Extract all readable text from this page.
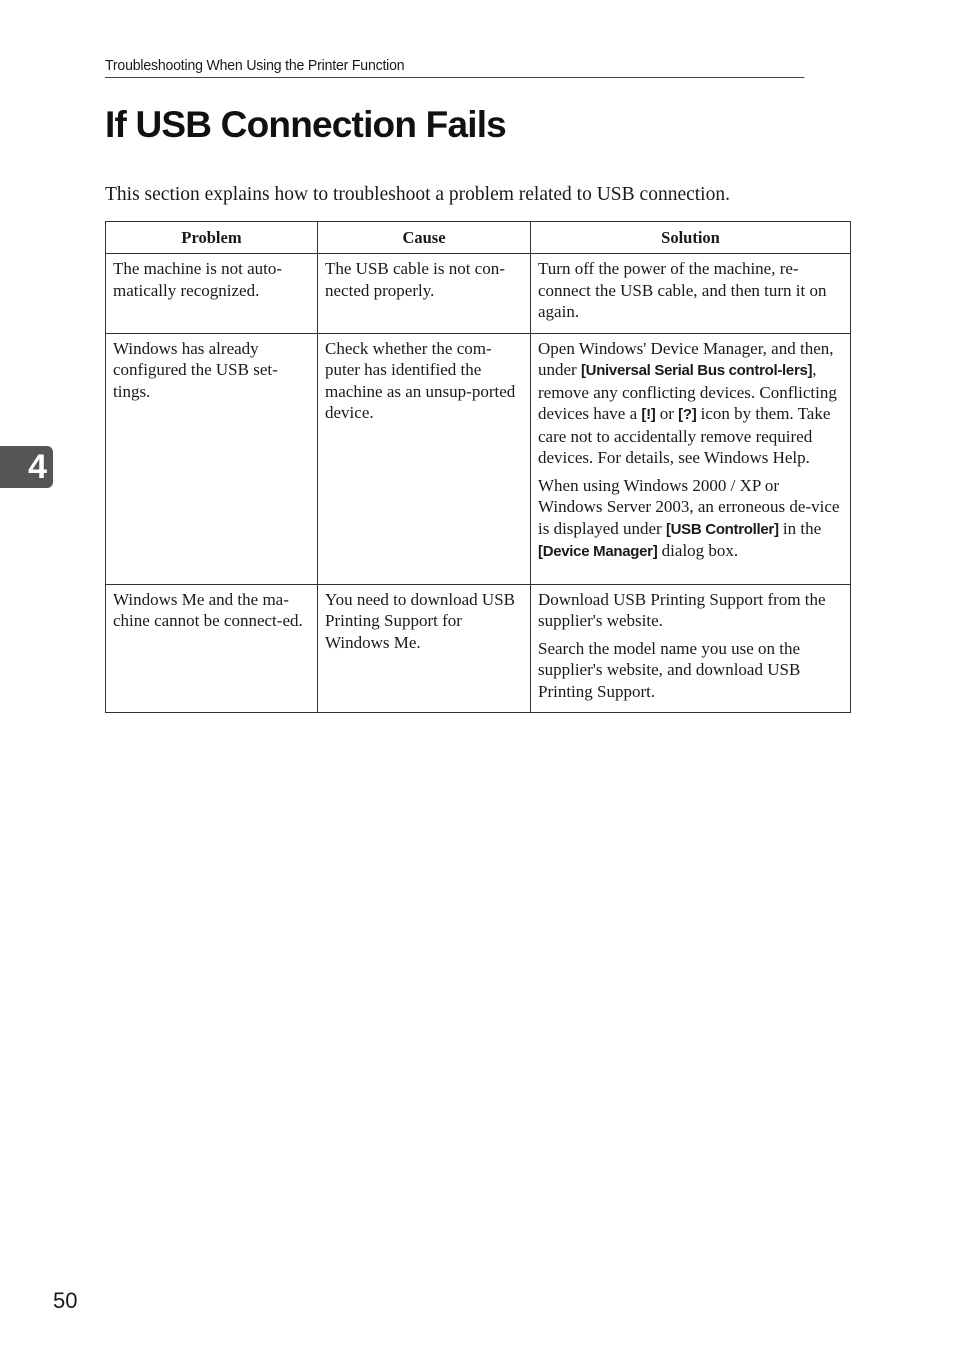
Troubleshooting When Using the Printer Function
If USB Connection Fails

This section explains how to troubleshoot a problem related to USB connection.

Problem	Cause	Solution
The machine is not auto-matically recognized.	The USB cable is not con-nected properly.	Turn off the power of the machine, re-connect the USB cable, and then turn it on again.

Windows has already configured the USB set-tings.	Check whether the com-puter has identified the machine as an unsup-ported device.	Open Windows' Device Manager, and then, under [Universal Serial Bus control-lers], remove any conflicting devices. Conflicting devices have a [!] or [?] icon by them. Take care not to accidentally remove required devices. For details, see Windows Help.

When using Windows 2000 / XP or Windows Server 2003, an erroneous de-vice is displayed under [USB Controller] in the [Device Manager] dialog box.

Windows Me and the ma-chine cannot be connect-ed.	You need to download USB Printing Support for Windows Me.	Download USB Printing Support from the supplier's website.

Search the model name you use on the supplier's website, and download USB Printing Support.

4
50
